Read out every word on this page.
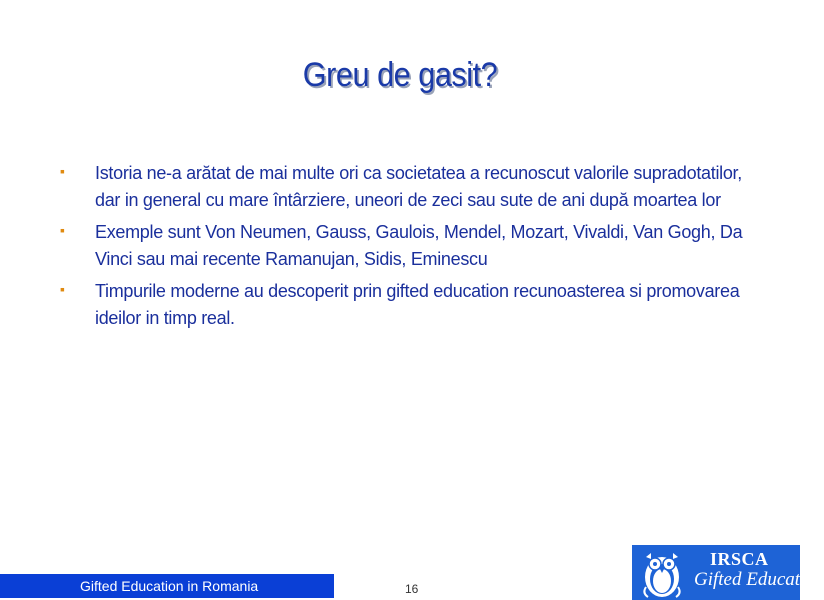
Greu de gasit?
▪	Istoria ne-a arătat de mai multe ori ca societatea a recunoscut valorile supradotatilor, dar in general cu mare întârziere, uneori de zeci sau sute de ani după moartea lor
▪	Exemple sunt Von Neumen, Gauss, Gaulois, Mendel, Mozart, Vivaldi, Van Gogh, Da Vinci sau mai recente Ramanujan, Sidis, Eminescu
▪	Timpurile moderne au descoperit prin gifted education recunoasterea si promovarea ideilor in timp real.
Gifted Education in Romania	16
IRSCA
Gifted Education
